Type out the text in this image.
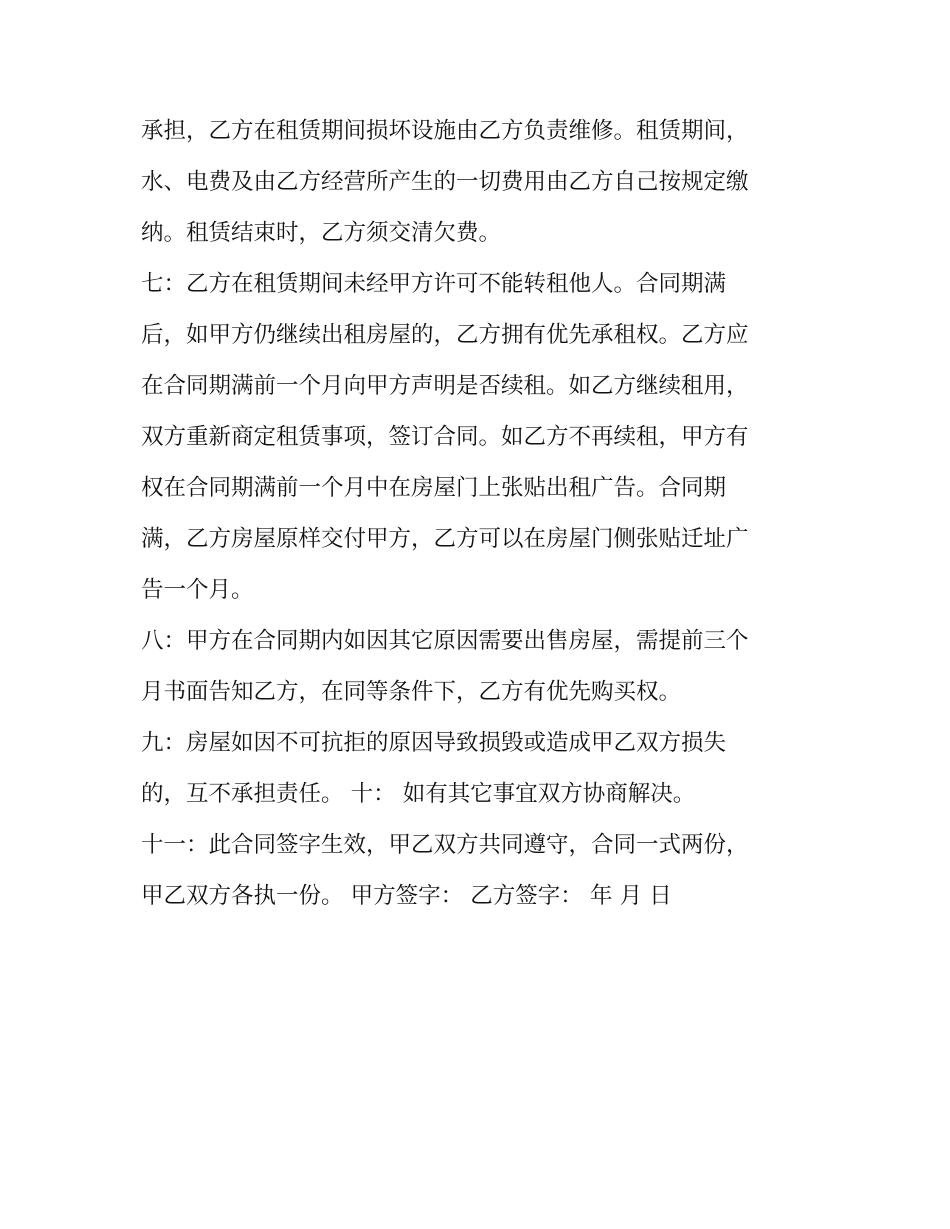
承担，乙方在租赁期间损坏设施由乙方负责维修。租赁期间，
水、电费及由乙方经营所产生的一切费用由乙方自己按规定缴
纳。租赁结束时，乙方须交清欠费。
七：乙方在租赁期间未经甲方许可不能转租他人。合同期满
后，如甲方仍继续出租房屋的，乙方拥有优先承租权。乙方应
在合同期满前一个月向甲方声明是否续租。如乙方继续租用，
双方重新商定租赁事项，签订合同。如乙方不再续租，甲方有
权在合同期满前一个月中在房屋门上张贴出租广告。合同期
满，乙方房屋原样交付甲方，乙方可以在房屋门侧张贴迁址广
告一个月。
八：甲方在合同期内如因其它原因需要出售房屋，需提前三个
月书面告知乙方，在同等条件下，乙方有优先购买权。
九：房屋如因不可抗拒的原因导致损毁或造成甲乙双方损失
的，互不承担责任。 十： 如有其它事宜双方协商解决。
十一：此合同签字生效，甲乙双方共同遵守，合同一式两份，
甲乙双方各执一份。 甲方签字： 乙方签字： 年 月 日
